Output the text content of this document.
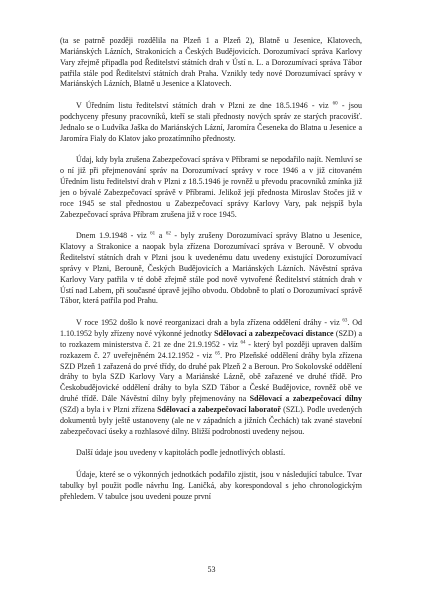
(ta se patrně později rozdělila na Plzeň 1 a Plzeň 2), Blatně u Jesenice, Klatovech, Mariánských Lázních, Strakonicích a Českých Budějovicích. Dorozumívací správa Karlovy Vary zřejmě připadla pod Ředitelství státních drah v Ústí n. L. a Dorozumívací správa Tábor patřila stále pod Ředitelství státních drah Praha. Vznikly tedy nové Dorozumívací správy v Mariánských Lázních, Blatně u Jesenice a Klatovech.

V Úředním listu ředitelství státních drah v Plzni ze dne 18.5.1946 - viz $^{60}$ - jsou podchyceny přesuny pracovníků, kteří se stali přednosty nových správ ze starých pracovišť. Jednalo se o Ludvíka Jaška do Mariánských Lázní, Jaromíra Česeneka do Blatna u Jesenice a Jaromíra Fialy do Klatov jako prozatímního přednosty.

Údaj, kdy byla zrušena Zabezpečovací správa v Příbrami se nepodařilo najít. Nemluví se o ní již při přejmenování správ na Dorozumívací správy v roce 1946 a v již citovaném Úředním listu ředitelství drah v Plzni z 18.5.1946 je rovněž u převodu pracovníků zmínka již jen o bývalé Zabezpečovací správě v Příbrami. Jelikož její přednosta Miroslav Stočes již v roce 1945 se stal přednostou u Zabezpečovací správy Karlovy Vary, pak nejspíš byla Zabezpečovací správa Příbram zrušena již v roce 1945.

Dnem 1.9.1948 - viz $^{61}$ a $^{62}$ - byly zrušeny Dorozumívací správy Blatno u Jesenice, Klatovy a Strakonice a naopak byla zřízena Dorozumívací správa v Berouně. V obvodu Ředitelství státních drah v Plzni jsou k uvedenému datu uvedeny existující Dorozumívací správy v Plzni, Berouně, Českých Budějovicích a Mariánských Lázních. Návěstní správa Karlovy Vary patřila v té době zřejmě stále pod nově vytvořené Ředitelství státních drah v Ústí nad Labem, při současné úpravě jejího obvodu. Obdobně to platí o Dorozumívací správě Tábor, která patřila pod Prahu.

V roce 1952 došlo k nové reorganizaci drah a byla zřízena oddělení dráhy - viz $^{63}$. Od 1.10.1952 byly zřízeny nové výkonné jednotky Sdělovací a zabezpečovací distance (SZD) a to rozkazem ministerstva č. 21 ze dne 21.9.1952 - viz $^{64}$ - který byl později upraven dalším rozkazem č. 27 uveřejněném 24.12.1952 - viz $^{65}$. Pro Plzeňské oddělení dráhy byla zřízena SZD Plzeň 1 zařazená do prvé třídy, do druhé pak Plzeň 2 a Beroun. Pro Sokolovské oddělení dráhy to byla SZD Karlovy Vary a Mariánské Lázně, obě zařazené ve druhé třídě. Pro Českobudějovické oddělení dráhy to byla SZD Tábor a České Budějovice, rovněž obě ve druhé třídě. Dále Návěstní dílny byly přejmenovány na Sdělovací a zabezpečovací dílny (SZd) a byla i v Plzni zřízena Sdělovací a zabezpečovací laboratoř (SZL). Podle uvedených dokumentů byly ještě ustanoveny (ale ne v západních a jižních Čechách) tak zvané stavební zabezpečovací úseky a rozhlasové dílny. Bližší podrobnosti uvedeny nejsou.

Další údaje jsou uvedeny v kapitolách podle jednotlivých oblastí.

Údaje, které se o výkonných jednotkách podařilo zjistit, jsou v následující tabulce. Tvar tabulky byl použit podle návrhu Ing. Laničká, aby korespondoval s jeho chronologickým přehledem. V tabulce jsou uvedeni pouze první

53
